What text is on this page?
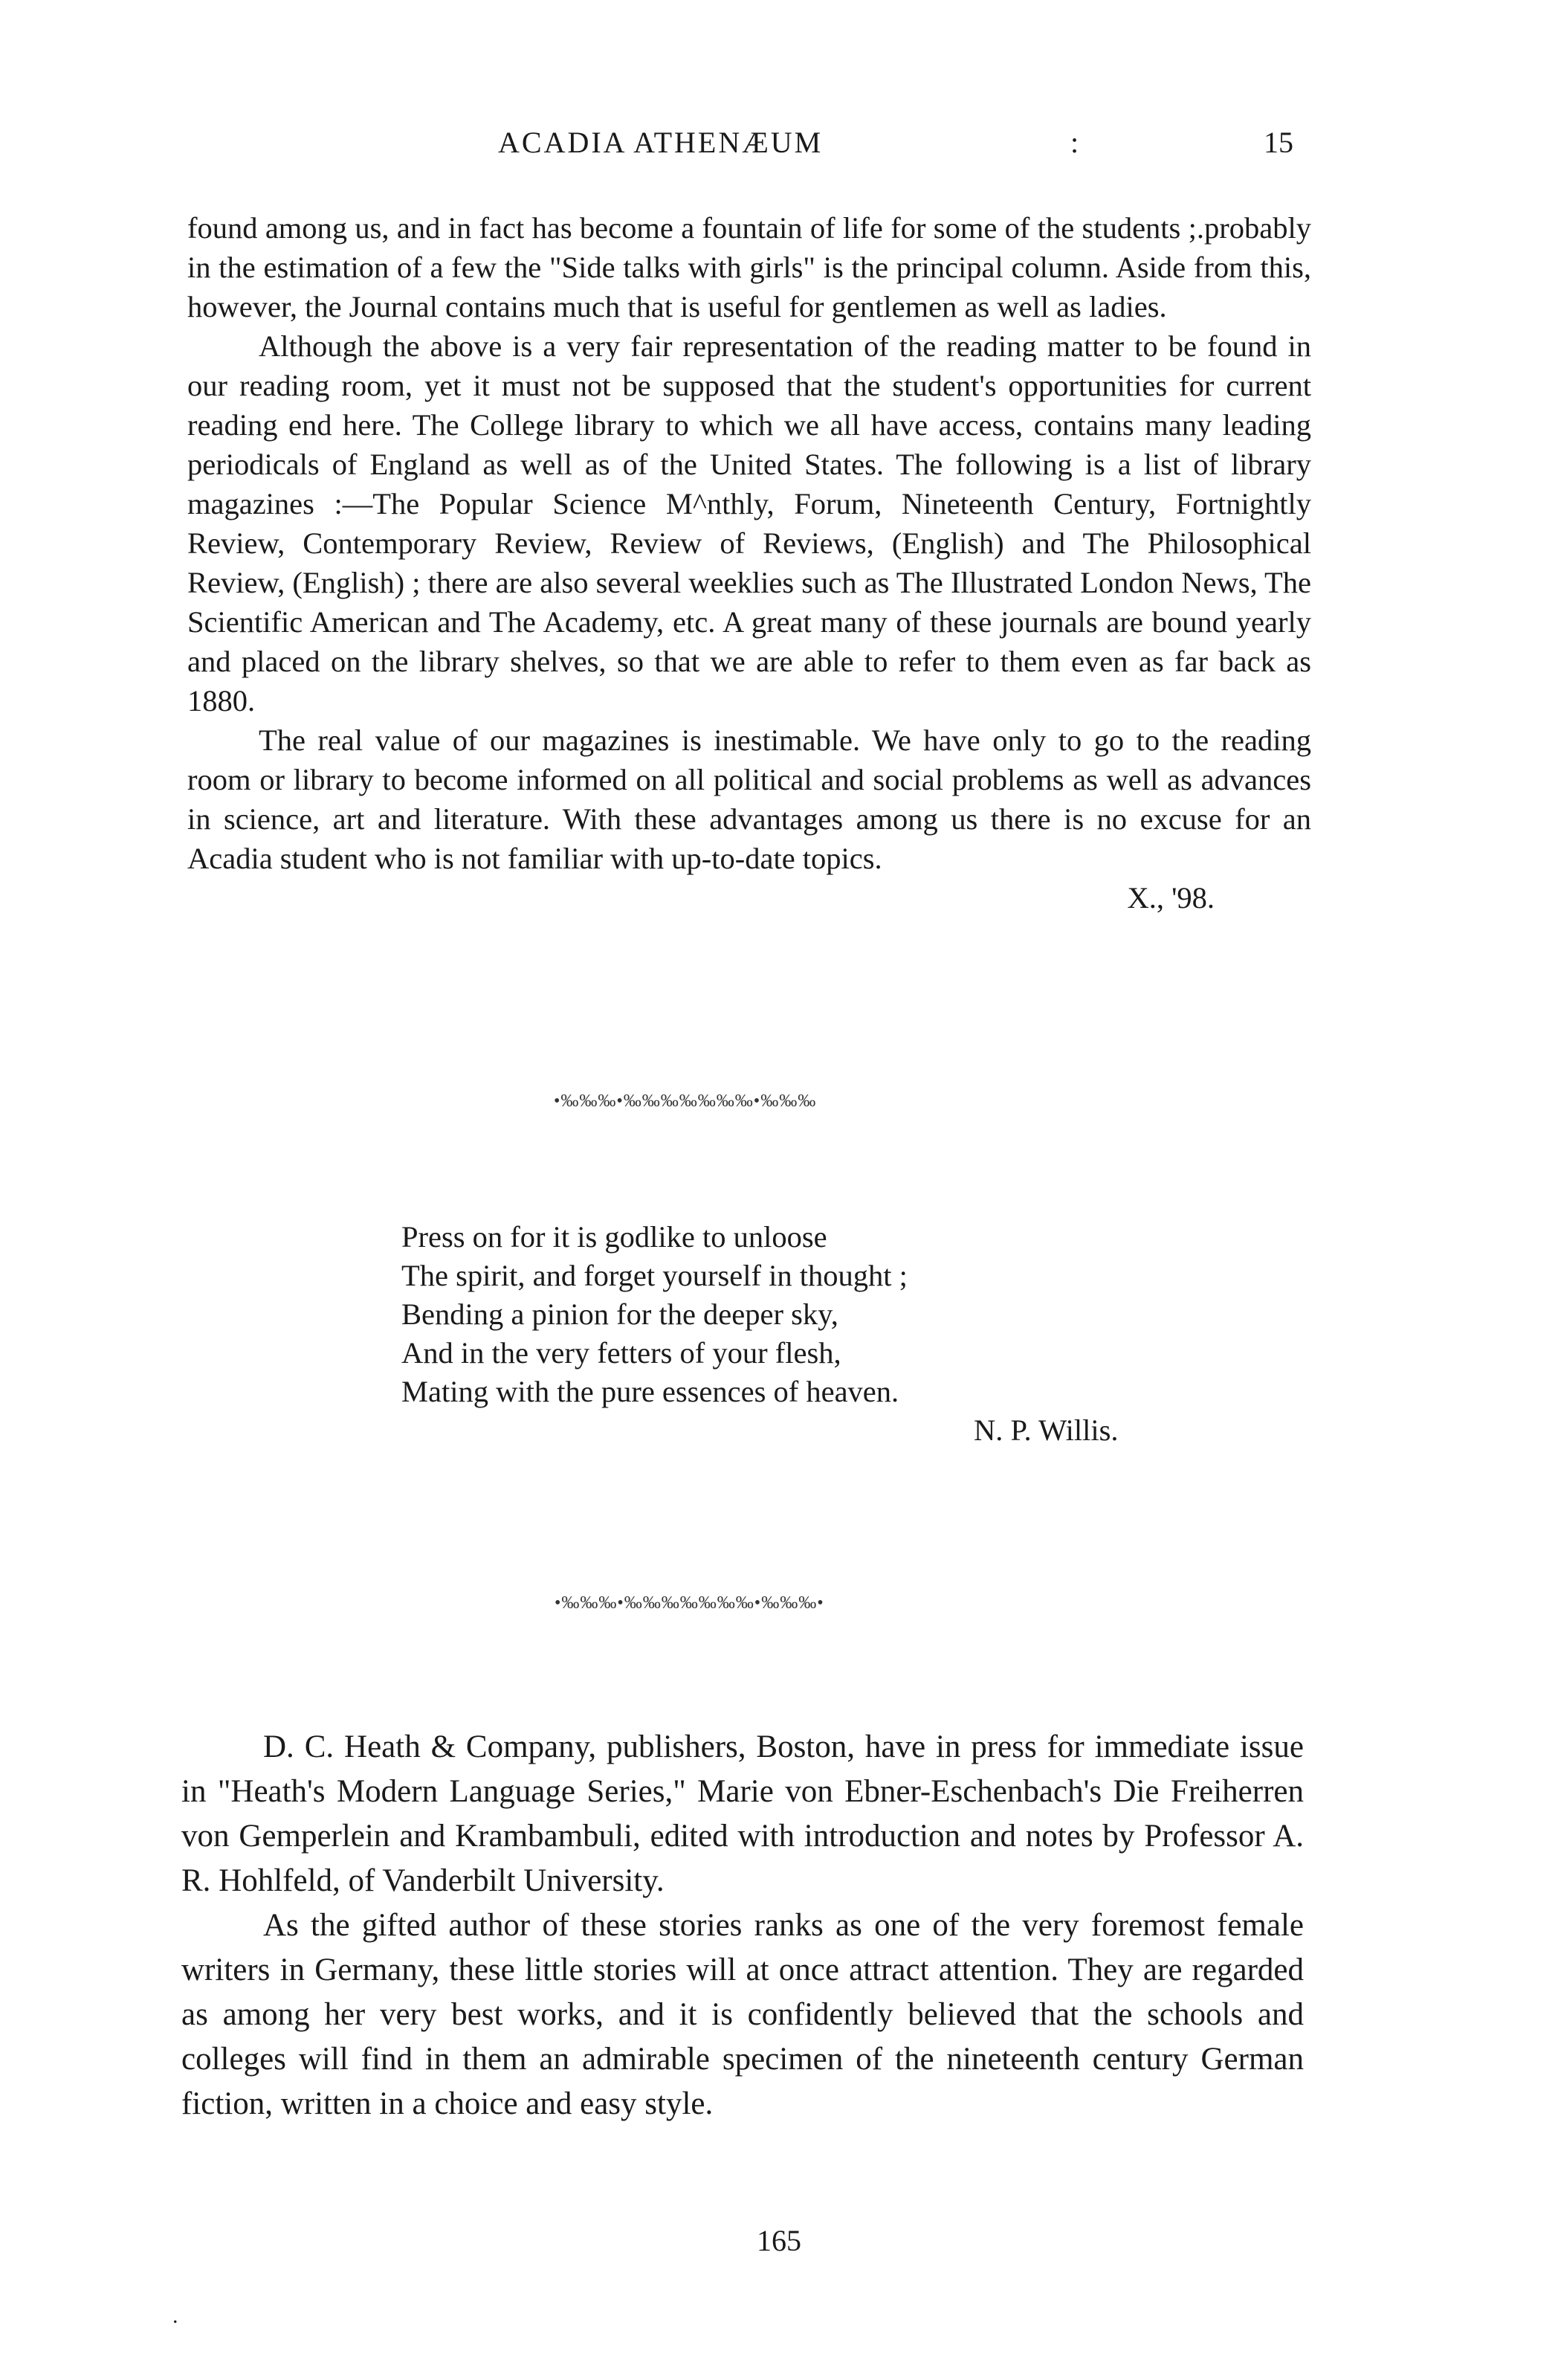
ACADIA ATHENÆUM	:	15

found among us, and in fact has become a fountain of life for some of the students ;.probably in the estimation of a few the "Side talks with girls" is the principal column. Aside from this, however, the Journal contains much that is useful for gentlemen as well as ladies.

Although the above is a very fair representation of the reading matter to be found in our reading room, yet it must not be supposed that the student's opportunities for current reading end here. The College library to which we all have access, contains many leading periodicals of England as well as of the United States. The following is a list of library magazines :—The Popular Science M^nthly, Forum, Nineteenth Century, Fortnightly Review, Contemporary Review, Review of Reviews, (English) and The Philosophical Review, (English) ; there are also several weeklies such as The Illustrated London News, The Scientific American and The Academy, etc. A great many of these journals are bound yearly and placed on the library shelves, so that we are able to refer to them even as far back as 1880.

The real value of our magazines is inestimable. We have only to go to the reading room or library to become informed on all political and social problems as well as advances in science, art and literature. With these advantages among us there is no excuse for an Acadia student who is not familiar with up-to-date topics.

X., '98.
•‰‰‰•‰‰‰‰‰‰‰•‰‰‰
Press on for it is godlike to unloose
The spirit, and forget yourself in thought ;
Bending a pinion for the deeper sky,
And in the very fetters of your flesh,
Mating with the pure essences of heaven.
N. P. Willis.
•‰‰‰•‰‰‰‰‰‰‰•‰‰‰•

D. C. Heath & Company, publishers, Boston, have in press for immediate issue in "Heath's Modern Language Series," Marie von Ebner-Eschenbach's Die Freiherren von Gemperlein and Krambambuli, edited with introduction and notes by Professor A. R. Hohlfeld, of Vanderbilt University.

As the gifted author of these stories ranks as one of the very foremost female writers in Germany, these little stories will at once attract attention. They are regarded as among her very best works, and it is confidently believed that the schools and colleges will find in them an admirable specimen of the nineteenth century German fiction, written in a choice and easy style.

165
.
